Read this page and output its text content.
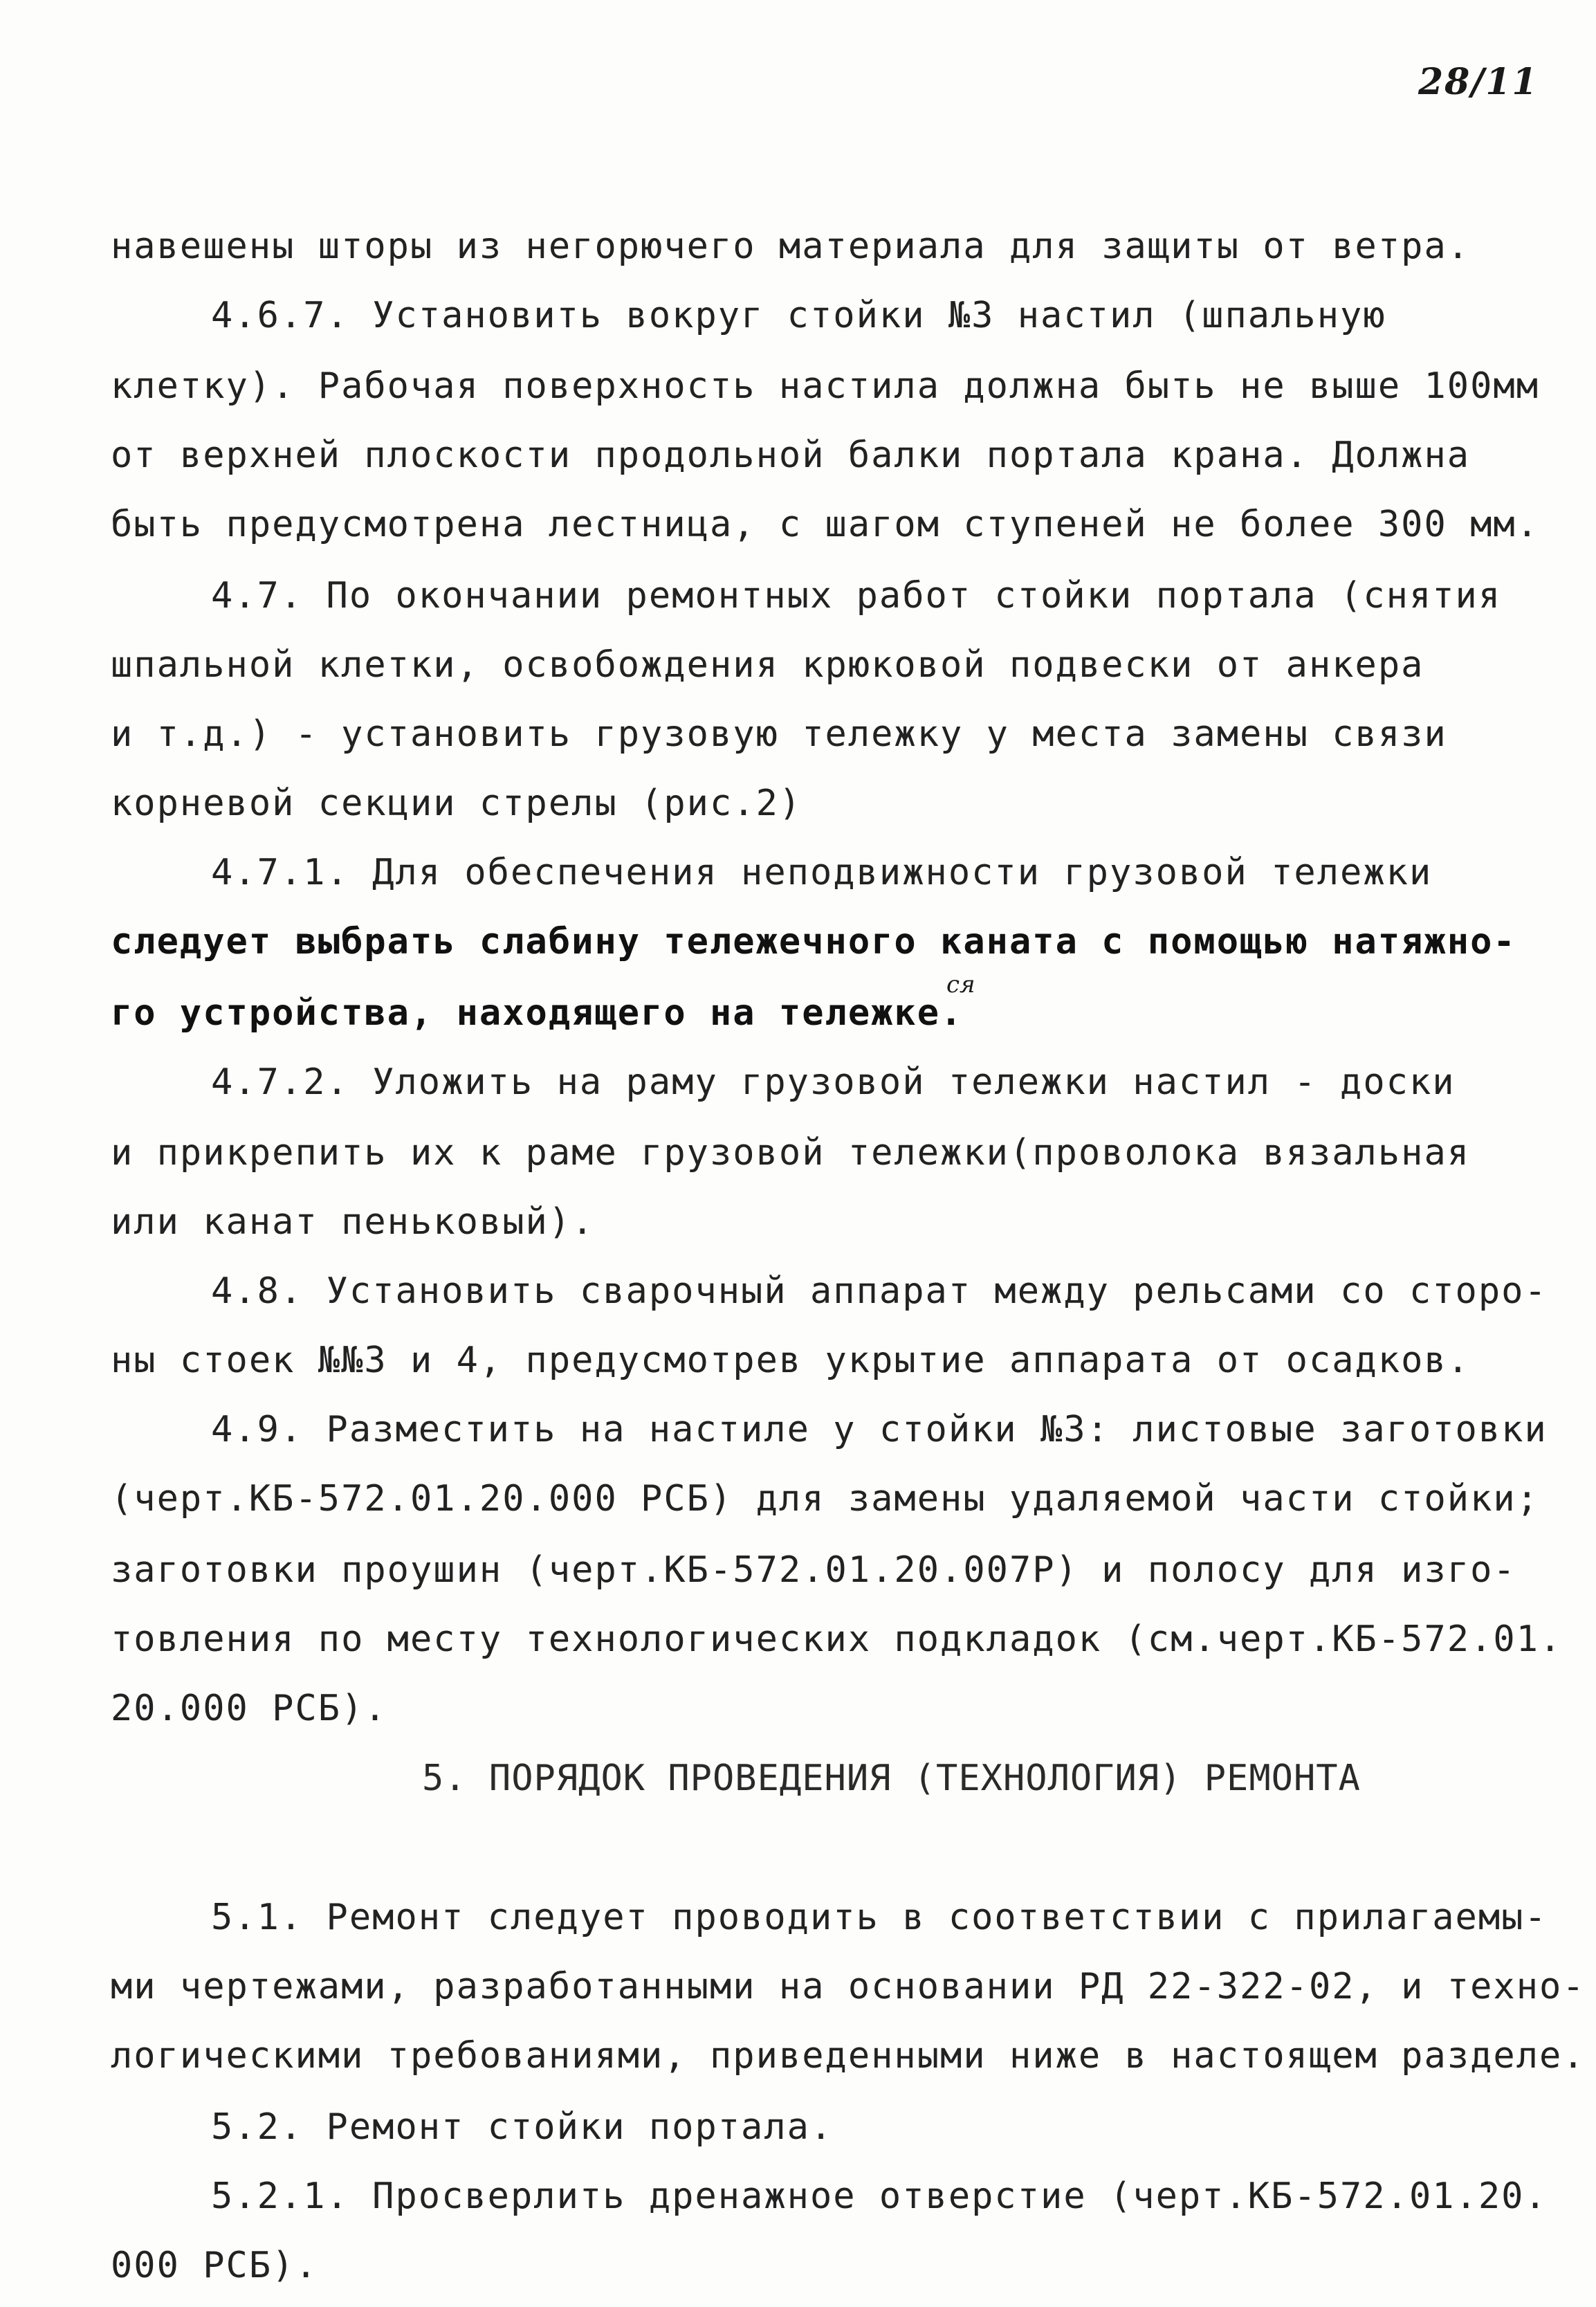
28/11
навешены шторы из негорючего материала для защиты от ветра.
4.6.7. Установить вокруг стойки №3 настил (шпальную
клетку). Рабочая поверхность настила должна быть не выше 100мм
от верхней плоскости продольной балки портала крана. Должна
быть предусмотрена лестница, с шагом ступеней не более 300 мм.
4.7. По окончании ремонтных работ стойки портала (снятия
шпальной клетки, освобождения крюковой подвески от анкера
и т.д.) - установить грузовую тележку у места замены связи
корневой секции стрелы (рис.2)
4.7.1. Для обеспечения неподвижности грузовой тележки
следует выбрать слабину тележечного каната с помощью натяжно-
ся
го устройства, находящего на тележке.
4.7.2. Уложить на раму грузовой тележки настил - доски
и прикрепить их к раме грузовой тележки(проволока вязальная
или канат пеньковый).
4.8. Установить сварочный аппарат между рельсами со сторо-
ны стоек №№3 и 4, предусмотрев укрытие аппарата от осадков.
4.9. Разместить на настиле у стойки №3: листовые заготовки
(черт.КБ-572.01.20.000 РСБ) для замены удаляемой части стойки;
заготовки проушин (черт.КБ-572.01.20.007Р) и полосу для изго-
товления по месту технологических подкладок (см.черт.КБ-572.01.
20.000 РСБ).
5. ПОРЯДОК ПРОВЕДЕНИЯ (ТЕХНОЛОГИЯ) РЕМОНТА
5.1. Ремонт следует проводить в соответствии с прилагаемы-
ми чертежами, разработанными на основании РД 22-322-02, и техно-
логическими требованиями, приведенными ниже в настоящем разделе.
5.2. Ремонт стойки портала.
5.2.1. Просверлить дренажное отверстие (черт.КБ-572.01.20.
000 РСБ).
